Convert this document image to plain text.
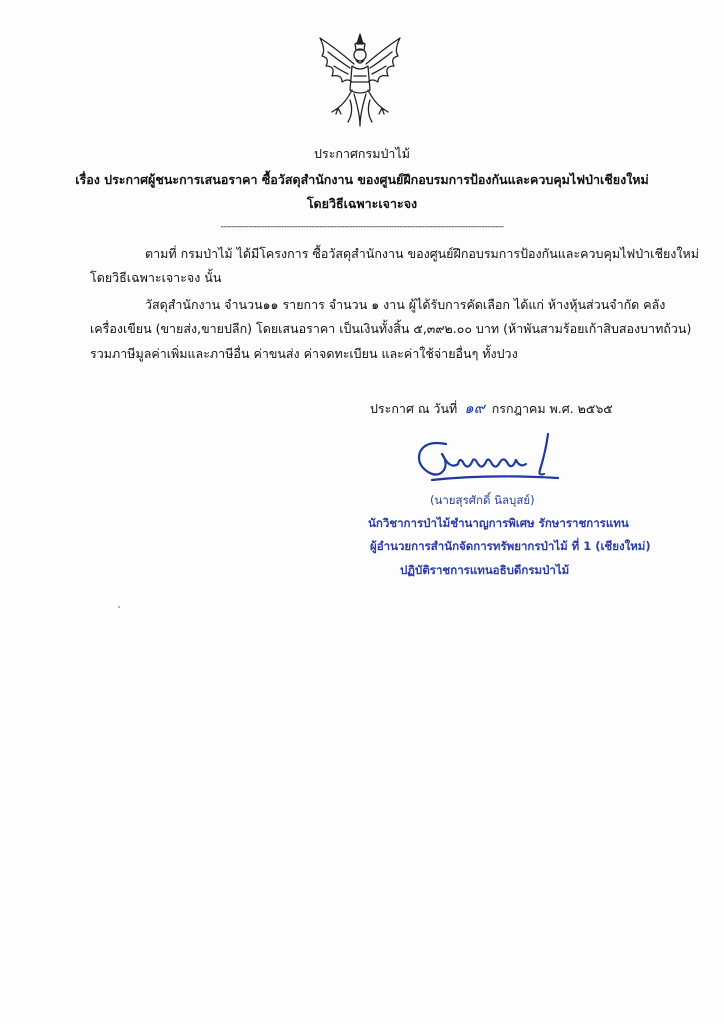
ประกาศกรมป่าไม้
เรื่อง ประกาศผู้ชนะการเสนอราคา ซื้อวัสดุสำนักงาน ของศูนย์ฝึกอบรมการป้องกันและควบคุมไฟป่าเชียงใหม่
โดยวิธีเฉพาะเจาะจง
-------------------------------------------------------------------------------------------------------
ตามที่ กรมป่าไม้ ได้มีโครงการ ซื้อวัสดุสำนักงาน ของศูนย์ฝึกอบรมการป้องกันและควบคุมไฟป่าเชียงใหม่
โดยวิธีเฉพาะเจาะจง นั้น
วัสดุสำนักงาน จำนวน๑๑ รายการ จำนวน ๑ งาน ผู้ได้รับการคัดเลือก ได้แก่ ห้างหุ้นส่วนจำกัด คลัง
เครื่องเขียน (ขายส่ง,ขายปลีก) โดยเสนอราคา เป็นเงินทั้งสิ้น ๕,๓๙๒.๐๐ บาท (ห้าพันสามร้อยเก้าสิบสองบาทถ้วน)
รวมภาษีมูลค่าเพิ่มและภาษีอื่น ค่าขนส่ง ค่าจดทะเบียน และค่าใช้จ่ายอื่นๆ ทั้งปวง
ประกาศ ณ วันที่ ๑๙ กรกฎาคม พ.ศ. ๒๕๖๕
(นายสุรศักดิ์ นิลบุสย์)
นักวิชาการป่าไม้ชำนาญการพิเศษ รักษาราชการแทน
ผู้อำนวยการสำนักจัดการทรัพยากรป่าไม้ ที่ 1 (เชียงใหม่)
ปฏิบัติราชการแทนอธิบดีกรมป่าไม้
